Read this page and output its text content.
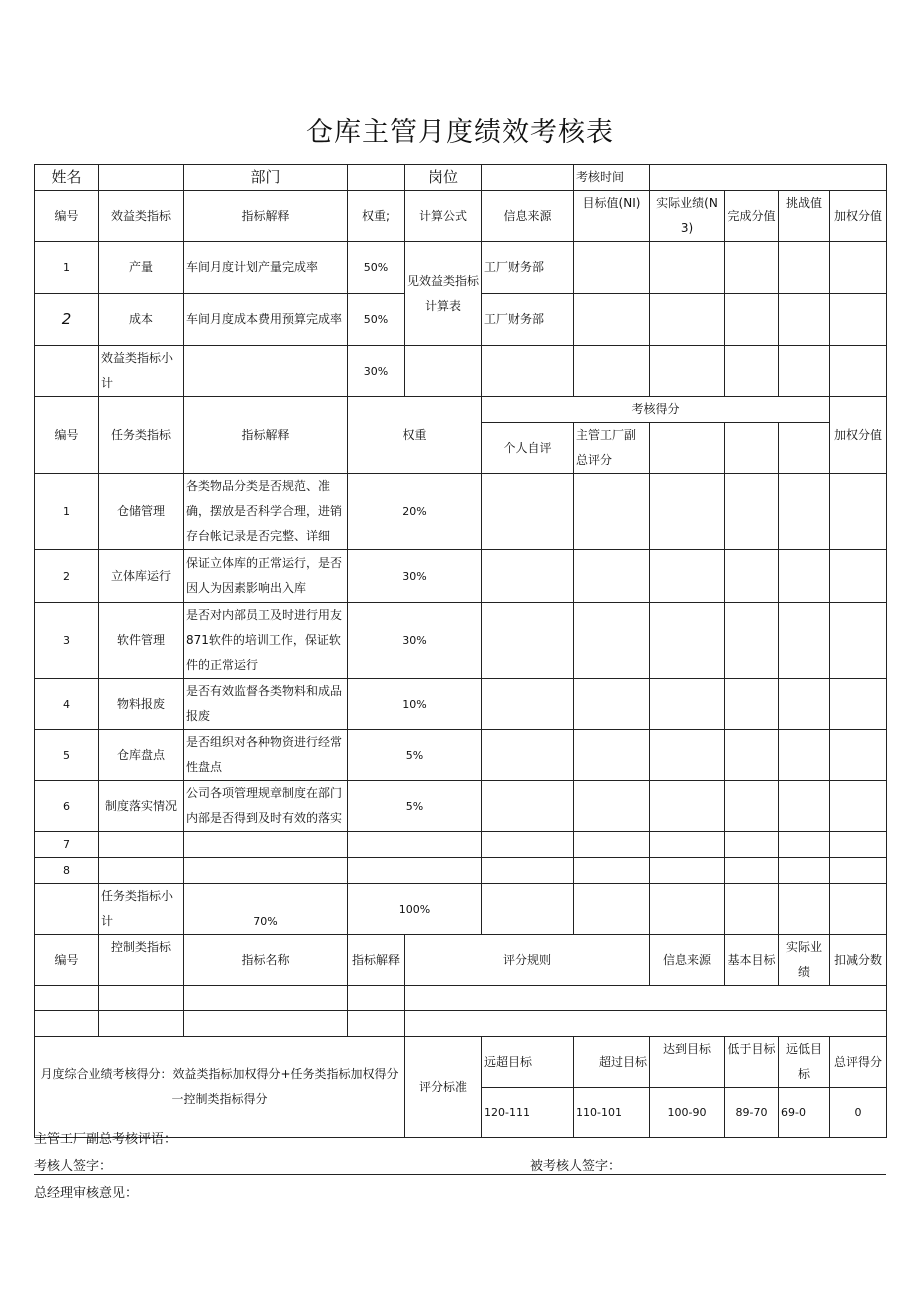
仓库主管月度绩效考核表
姓名		部门		岗位		考核时间				
编号	效益类指标	指标解释	权重;	计算公式	信息来源	目标值(NI)	实际业绩(N3)	完成分值	挑战值	加权分值
1	产量	车间月度计划产量完成率	50%	见效益类指标计算表	工厂财务部					
2	成本	车间月度成本费用预算完成率	50%		工厂财务部					
	效益类指标小计		30%							
编号	任务类指标	指标解释	权重		考核得分					加权分值
					个人自评	主管工厂副总评分				
1	仓储管理	各类物品分类是否规范、准确，摆放是否科学合理，进销存台帐记录是否完整、详细	20%							
2	立体库运行	保证立体库的正常运行，是否因人为因素影响出入库	30%							
3	软件管理	是否对内部员工及时进行用友871软件的培训工作，保证软件的正常运行	30%							
4	物料报废	是否有效监督各类物料和成品报废	10%							
5	仓库盘点	是否组织对各种物资进行经常性盘点	5%							
6	制度落实情况	公司各项管理规章制度在部门内部是否得到及时有效的落实	5%							
7										
8										
	任务类指标小计	70%	100%							
编号	控制类指标	指标名称	指标解释	评分规则			信息来源	基本目标	实际业绩	扣减分数

月度综合业绩考核得分：效益类指标加权得分+任务类指标加权得分一控制类指标得分				评分标准	远超目标	超过目标	达到目标	低于目标	远低目标	总评得分
					120-111	110-101	100-90	89-70	69-0	0
主管工厂副总考核评语：
考核人签字：	被考核人签字：
总经理审核意见：
